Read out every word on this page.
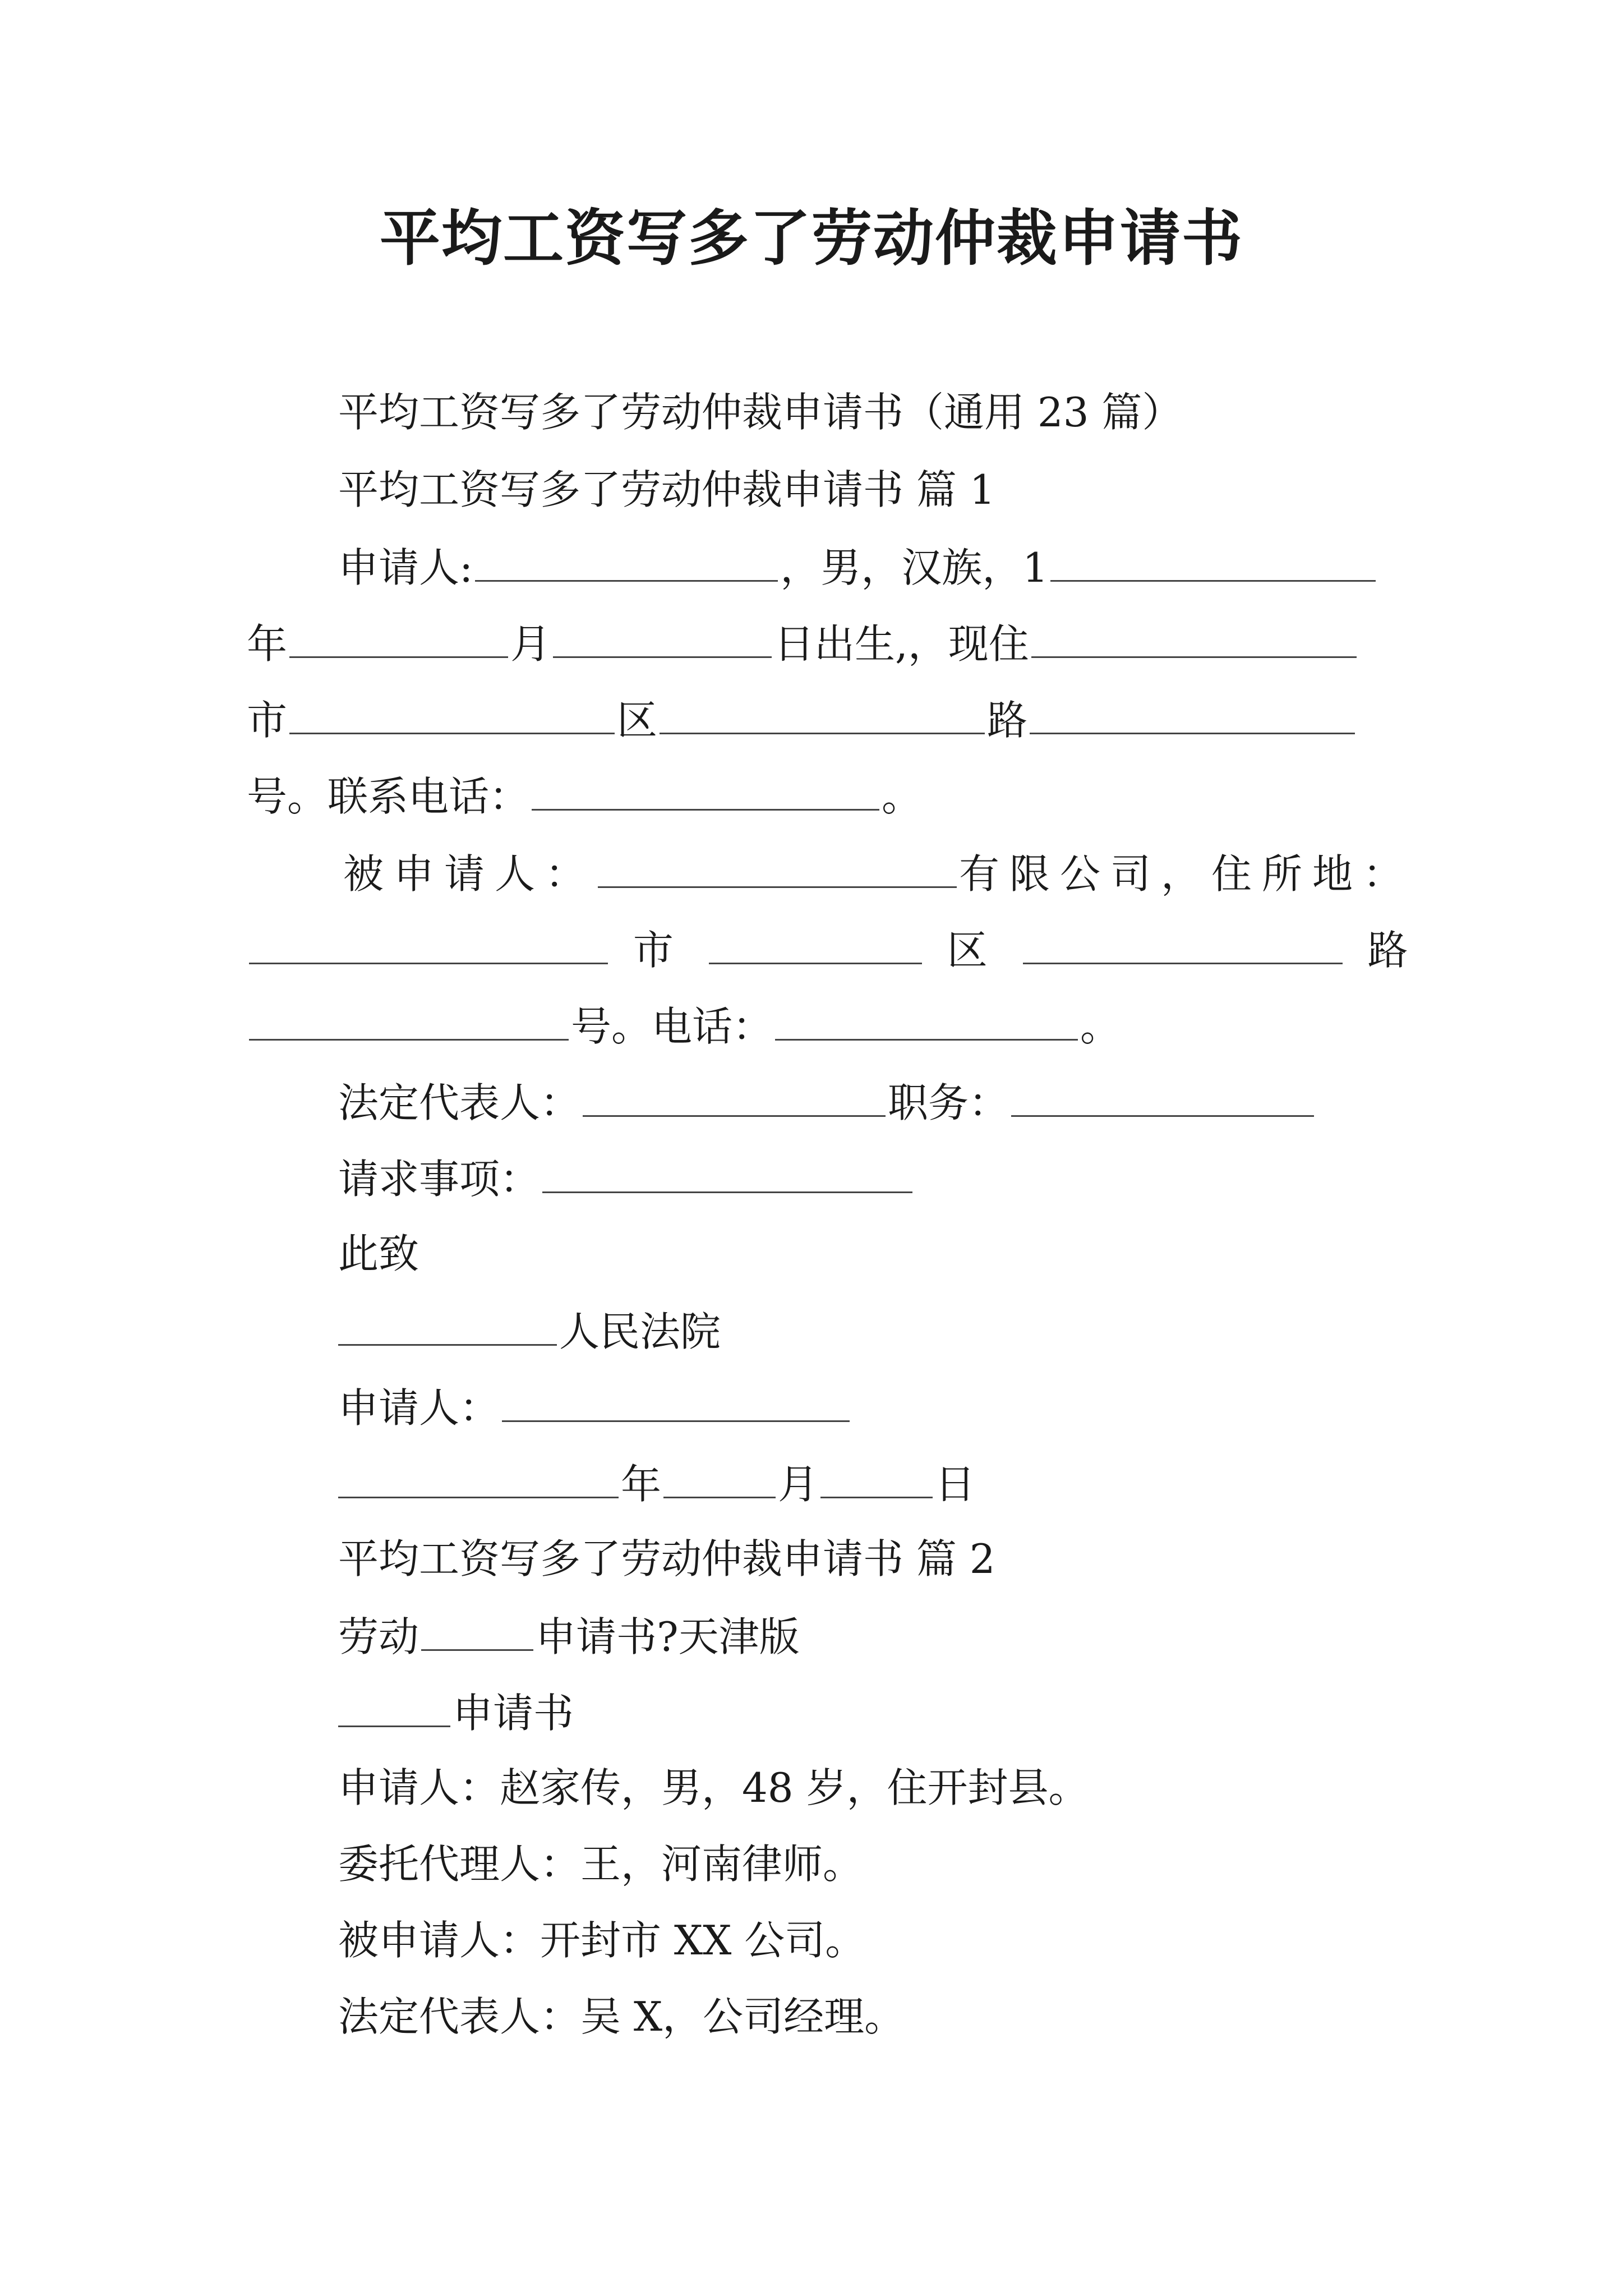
平均工资写多了劳动仲裁申请书
平均工资写多了劳动仲裁申请书（通用 23 篇）
平均工资写多了劳动仲裁申请书 篇 1
申请人:	，男，汉族，1
年	月	日出生,，现住
市	区	路
号。联系电话：	。
被申请人：	有限公司，住所地：
市	区	路
号。电话：	。
法定代表人：	职务：
请求事项：
此致
人民法院
申请人：
年	月	日
平均工资写多了劳动仲裁申请书 篇 2
劳动	申请书?天津版
申请书
申请人：赵家传，男，48 岁，住开封县。
委托代理人：王，河南律师。
被申请人：开封市 XX 公司。
法定代表人：吴 X，公司经理。
